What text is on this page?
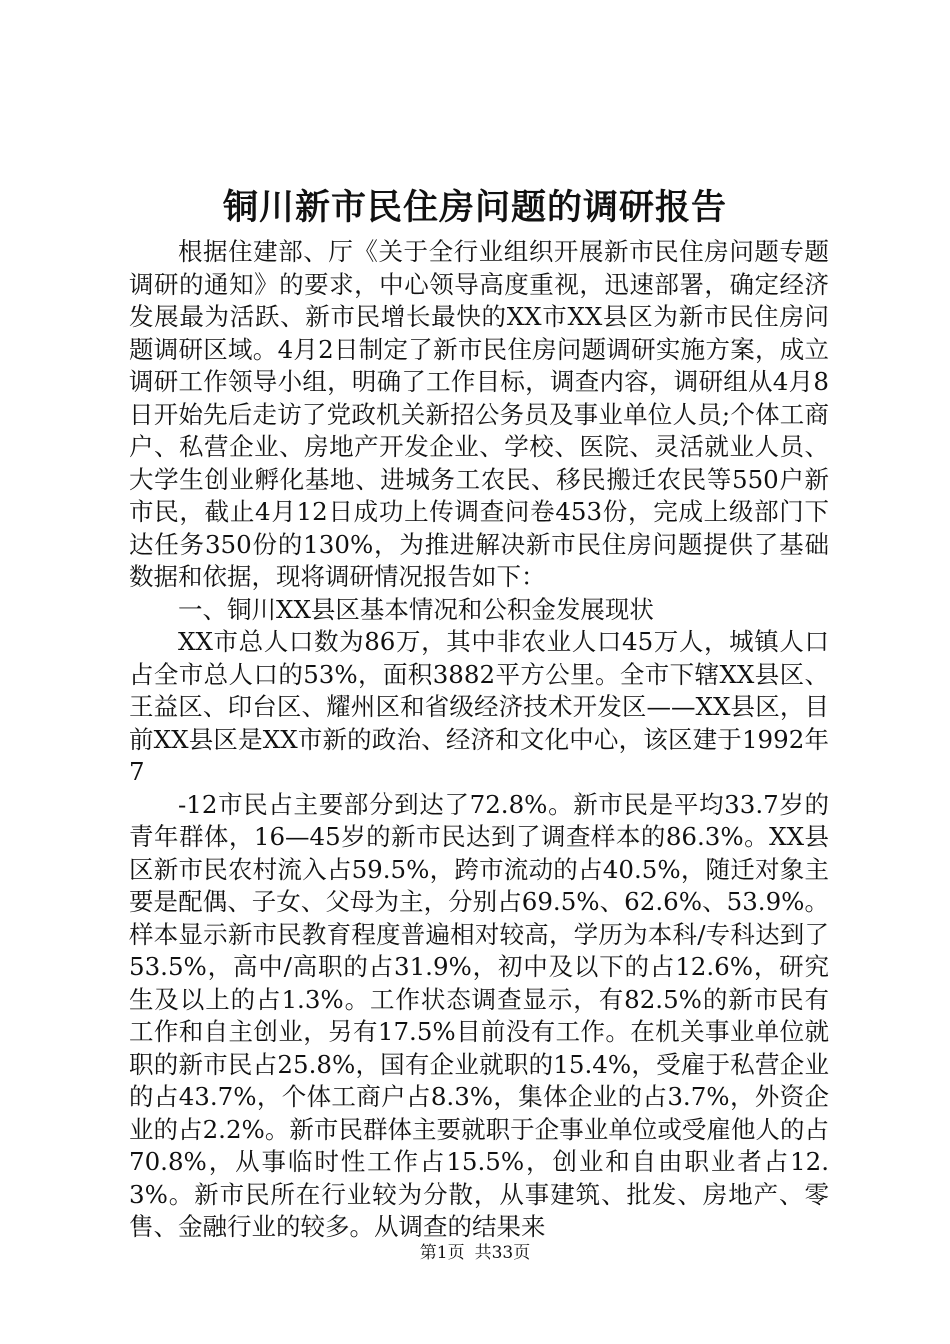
铜川新市民住房问题的调研报告

根据住建部、厅《关于全行业组织开展新市民住房问题专题调研的通知》的要求，中心领导高度重视，迅速部署，确定经济发展最为活跃、新市民增长最快的XX市XX县区为新市民住房问题调研区域。4月2日制定了新市民住房问题调研实施方案，成立调研工作领导小组，明确了工作目标，调查内容，调研组从4月8日开始先后走访了党政机关新招公务员及事业单位人员;个体工商户、私营企业、房地产开发企业、学校、医院、灵活就业人员、大学生创业孵化基地、进城务工农民、移民搬迁农民等550户新市民，截止4月12日成功上传调查问卷453份，完成上级部门下达任务350份的130%，为推进解决新市民住房问题提供了基础数据和依据，现将调研情况报告如下：

一、铜川XX县区基本情况和公积金发展现状

XX市总人口数为86万，其中非农业人口45万人，城镇人口占全市总人口的53%，面积3882平方公里。全市下辖XX县区、王益区、印台区、耀州区和省级经济技术开发区——XX县区，目前XX县区是XX市新的政治、经济和文化中心，该区建于1992年7

-12市民占主要部分到达了72.8%。新市民是平均33.7岁的青年群体，16—45岁的新市民达到了调查样本的86.3%。XX县区新市民农村流入占59.5%，跨市流动的占40.5%，随迁对象主要是配偶、子女、父母为主，分别占69.5%、62.6%、53.9%。样本显示新市民教育程度普遍相对较高，学历为本科/专科达到了53.5%，高中/高职的占31.9%，初中及以下的占12.6%，研究生及以上的占1.3%。工作状态调查显示，有82.5%的新市民有工作和自主创业，另有17.5%目前没有工作。在机关事业单位就职的新市民占25.8%，国有企业就职的15.4%，受雇于私营企业的占43.7%，个体工商户占8.3%，集体企业的占3.7%，外资企业的占2.2%。新市民群体主要就职于企事业单位或受雇他人的占70.8%，从事临时性工作占15.5%，创业和自由职业者占12.3%。新市民所在行业较为分散，从事建筑、批发、房地产、零售、金融行业的较多。从调查的结果来

第1页 共33页
